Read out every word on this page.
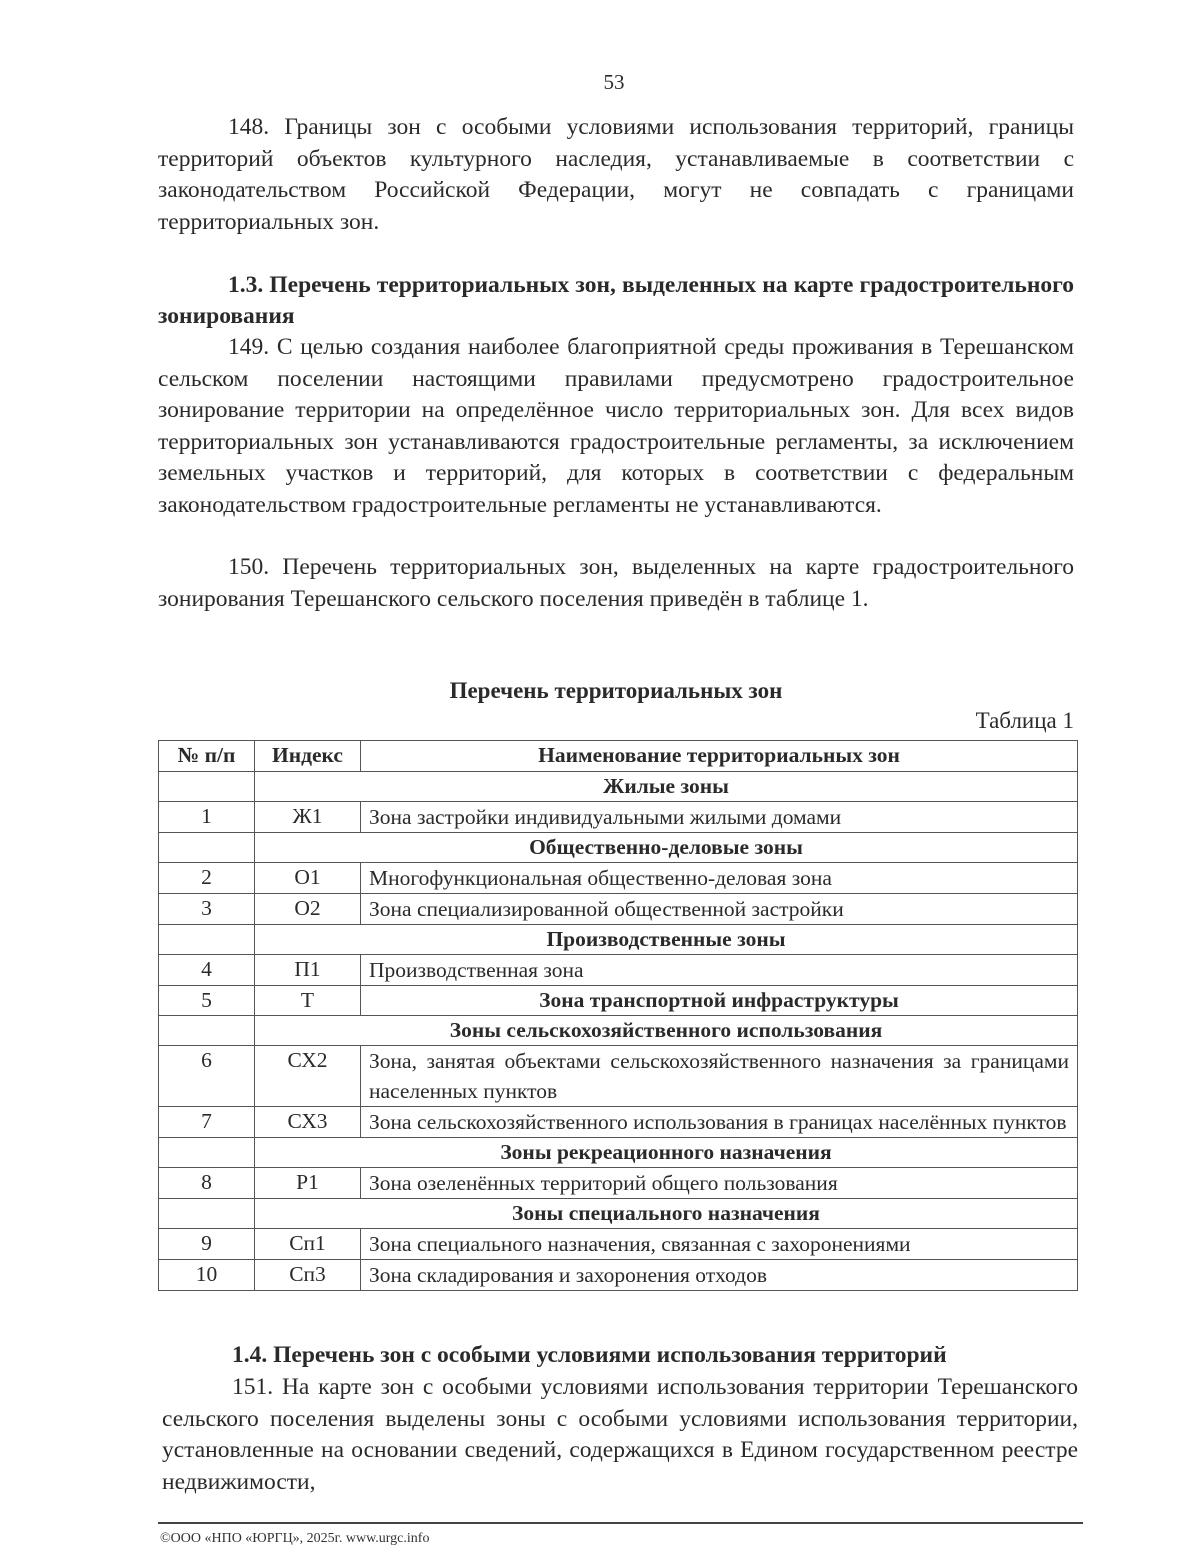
53

148. Границы зон с особыми условиями использования территорий, границы территорий объектов культурного наследия, устанавливаемые в соответствии с законодательством Российской Федерации, могут не совпадать с границами территориальных зон.

1.3. Перечень территориальных зон, выделенных на карте градостроительного зонирования

149. С целью создания наиболее благоприятной среды проживания в Терешанском сельском поселении настоящими правилами предусмотрено градостроительное зонирование территории на определённое число территориальных зон. Для всех видов территориальных зон устанавливаются градостроительные регламенты, за исключением земельных участков и территорий, для которых в соответствии с федеральным законодательством градостроительные регламенты не устанавливаются.

150. Перечень территориальных зон, выделенных на карте градостроительного зонирования Терешанского сельского поселения приведён в таблице 1.

Перечень территориальных зон
Таблица 1
№ п/п	Индекс	Наименование территориальных зон
	Жилые зоны	
1	Ж1	Зона застройки индивидуальными жилыми домами
	Общественно-деловые зоны	
2	О1	Многофункциональная общественно-деловая зона
3	О2	Зона специализированной общественной застройки
	Производственные зоны	
4	П1	Производственная зона
5	Т	Зона транспортной инфраструктуры
	Зоны сельскохозяйственного использования	
6	СХ2	Зона, занятая объектами сельскохозяйственного назначения за границами населенных пунктов
7	СХ3	Зона сельскохозяйственного использования в границах населённых пунктов
	Зоны рекреационного назначения	
8	Р1	Зона озеленённых территорий общего пользования
	Зоны специального назначения	
9	Сп1	Зона специального назначения, связанная с захоронениями
10	Сп3	Зона складирования и захоронения отходов

1.4. Перечень зон с особыми условиями использования территорий

151. На карте зон с особыми условиями использования территории Терешанского сельского поселения выделены зоны с особыми условиями использования территории, установленные на основании сведений, содержащихся в Едином государственном реестре недвижимости,

©ООО «НПО «ЮРГЦ», 2025г. www.urgc.info
